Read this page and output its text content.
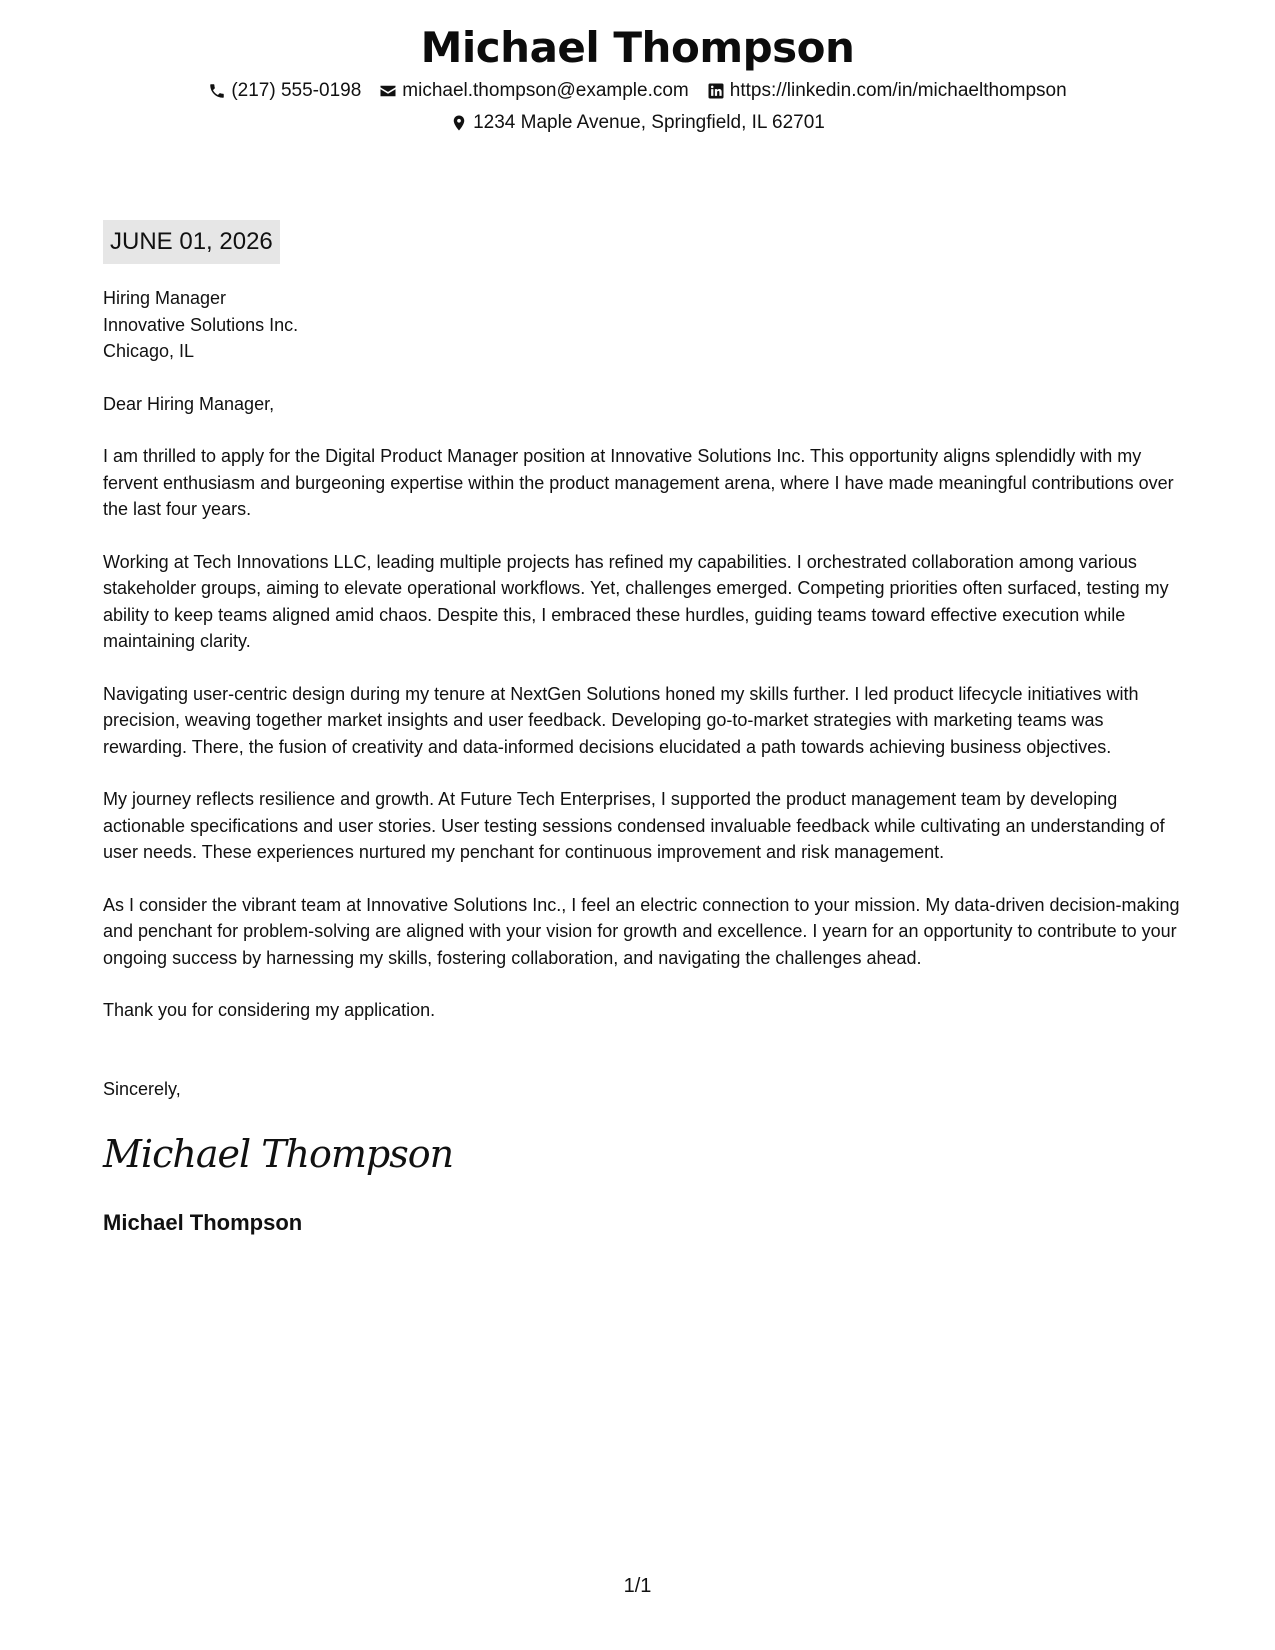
Michael Thompson
(217) 555-0198 michael.thompson@example.com https://linkedin.com/in/michaelthompson
1234 Maple Avenue, Springfield, IL 62701
JUNE 01, 2026
Hiring Manager
Innovative Solutions Inc.
Chicago, IL

Dear Hiring Manager,

I am thrilled to apply for the Digital Product Manager position at Innovative Solutions Inc. This opportunity aligns splendidly with my fervent enthusiasm and burgeoning expertise within the product management arena, where I have made meaningful contributions over the last four years.

Working at Tech Innovations LLC, leading multiple projects has refined my capabilities. I orchestrated collaboration among various stakeholder groups, aiming to elevate operational workflows. Yet, challenges emerged. Competing priorities often surfaced, testing my ability to keep teams aligned amid chaos. Despite this, I embraced these hurdles, guiding teams toward effective execution while maintaining clarity.

Navigating user-centric design during my tenure at NextGen Solutions honed my skills further. I led product lifecycle initiatives with precision, weaving together market insights and user feedback. Developing go-to-market strategies with marketing teams was rewarding. There, the fusion of creativity and data-informed decisions elucidated a path towards achieving business objectives.

My journey reflects resilience and growth. At Future Tech Enterprises, I supported the product management team by developing actionable specifications and user stories. User testing sessions condensed invaluable feedback while cultivating an understanding of user needs. These experiences nurtured my penchant for continuous improvement and risk management.

As I consider the vibrant team at Innovative Solutions Inc., I feel an electric connection to your mission. My data-driven decision-making and penchant for problem-solving are aligned with your vision for growth and excellence. I yearn for an opportunity to contribute to your ongoing success by harnessing my skills, fostering collaboration, and navigating the challenges ahead.

Thank you for considering my application.

Sincerely,

Michael Thompson
Michael Thompson
1/1
